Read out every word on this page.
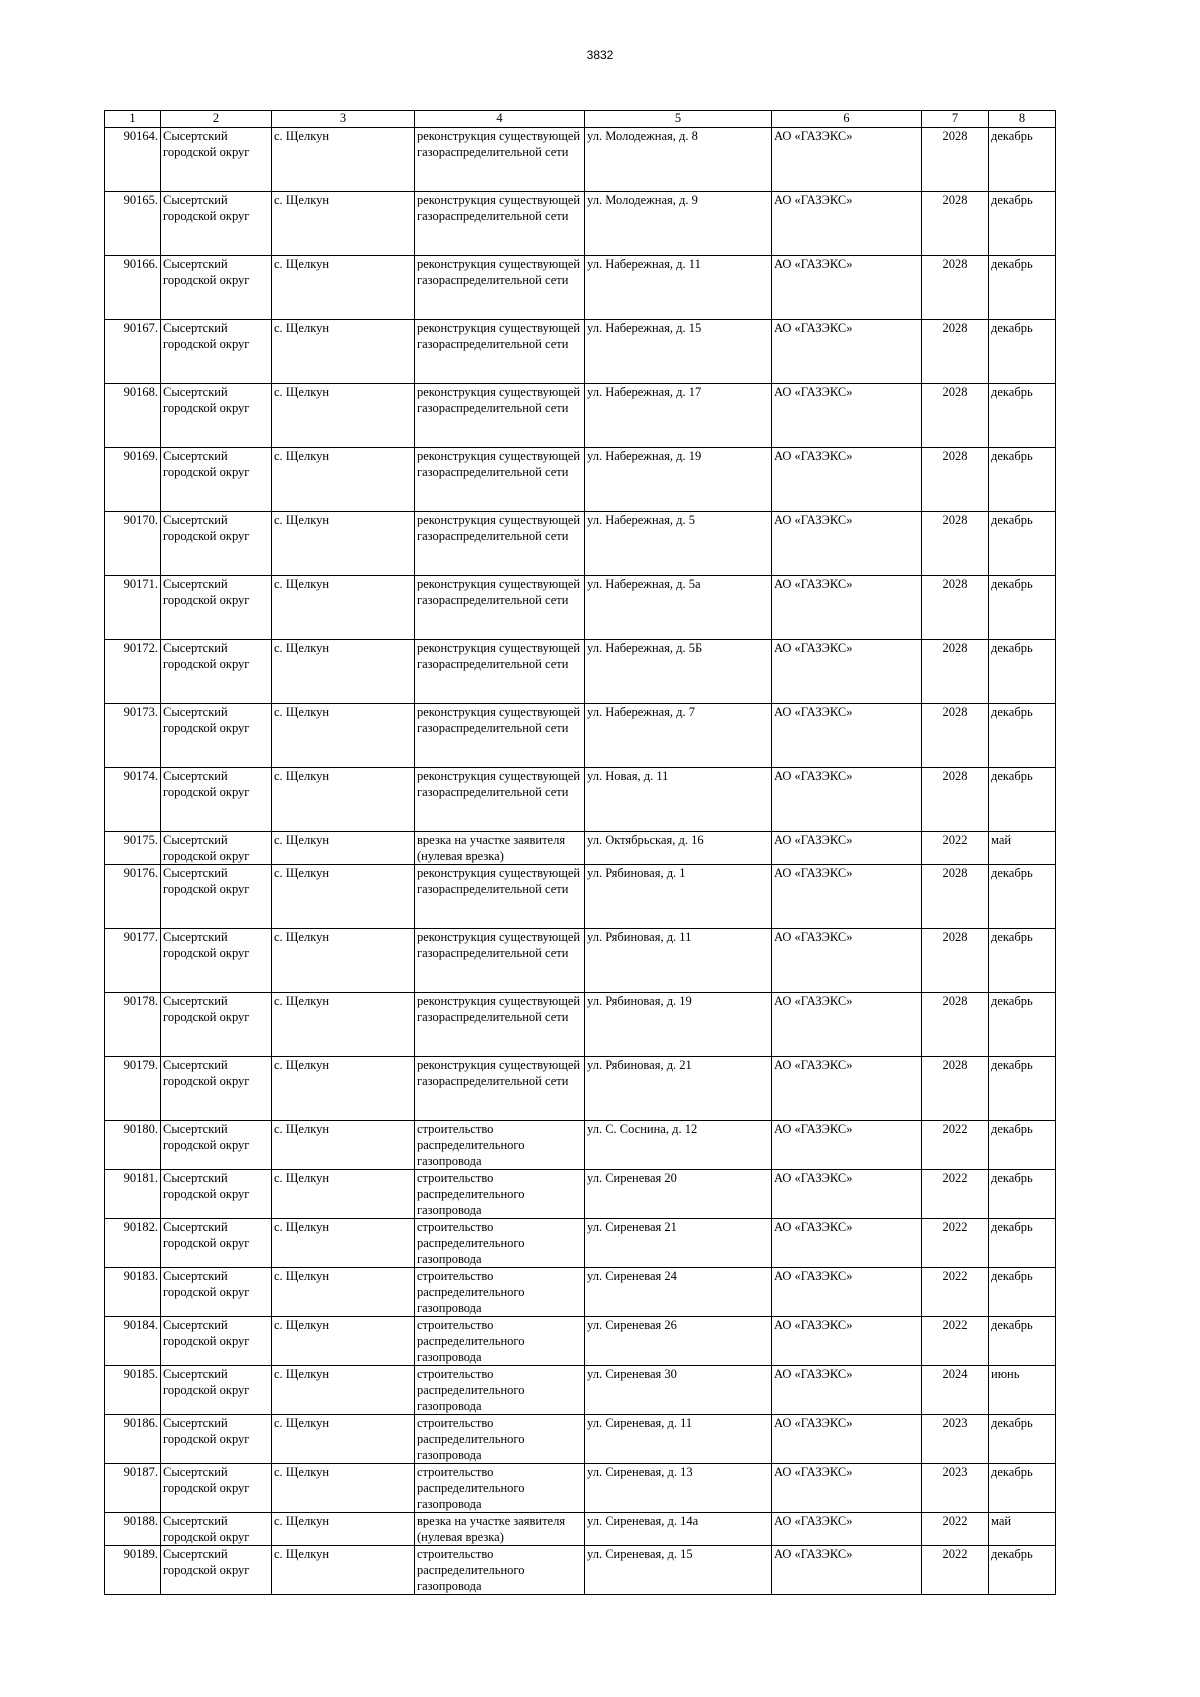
3832
1	2	3	4	5	6	7	8
90164.	Сысертский городской округ	с. Щелкун	реконструкция существующей газораспределительной сети	ул. Молодежная, д. 8	АО «ГАЗЭКС»	2028	декабрь
90165.	Сысертский городской округ	с. Щелкун	реконструкция существующей газораспределительной сети	ул. Молодежная, д. 9	АО «ГАЗЭКС»	2028	декабрь
90166.	Сысертский городской округ	с. Щелкун	реконструкция существующей газораспределительной сети	ул. Набережная, д. 11	АО «ГАЗЭКС»	2028	декабрь
90167.	Сысертский городской округ	с. Щелкун	реконструкция существующей газораспределительной сети	ул. Набережная, д. 15	АО «ГАЗЭКС»	2028	декабрь
90168.	Сысертский городской округ	с. Щелкун	реконструкция существующей газораспределительной сети	ул. Набережная, д. 17	АО «ГАЗЭКС»	2028	декабрь
90169.	Сысертский городской округ	с. Щелкун	реконструкция существующей газораспределительной сети	ул. Набережная, д. 19	АО «ГАЗЭКС»	2028	декабрь
90170.	Сысертский городской округ	с. Щелкун	реконструкция существующей газораспределительной сети	ул. Набережная, д. 5	АО «ГАЗЭКС»	2028	декабрь
90171.	Сысертский городской округ	с. Щелкун	реконструкция существующей газораспределительной сети	ул. Набережная, д. 5а	АО «ГАЗЭКС»	2028	декабрь
90172.	Сысертский городской округ	с. Щелкун	реконструкция существующей газораспределительной сети	ул. Набережная, д. 5Б	АО «ГАЗЭКС»	2028	декабрь
90173.	Сысертский городской округ	с. Щелкун	реконструкция существующей газораспределительной сети	ул. Набережная, д. 7	АО «ГАЗЭКС»	2028	декабрь
90174.	Сысертский городской округ	с. Щелкун	реконструкция существующей газораспределительной сети	ул. Новая, д. 11	АО «ГАЗЭКС»	2028	декабрь
90175.	Сысертский городской округ	с. Щелкун	врезка на участке заявителя (нулевая врезка)	ул. Октябрьская, д. 16	АО «ГАЗЭКС»	2022	май
90176.	Сысертский городской округ	с. Щелкун	реконструкция существующей газораспределительной сети	ул. Рябиновая, д. 1	АО «ГАЗЭКС»	2028	декабрь
90177.	Сысертский городской округ	с. Щелкун	реконструкция существующей газораспределительной сети	ул. Рябиновая, д. 11	АО «ГАЗЭКС»	2028	декабрь
90178.	Сысертский городской округ	с. Щелкун	реконструкция существующей газораспределительной сети	ул. Рябиновая, д. 19	АО «ГАЗЭКС»	2028	декабрь
90179.	Сысертский городской округ	с. Щелкун	реконструкция существующей газораспределительной сети	ул. Рябиновая, д. 21	АО «ГАЗЭКС»	2028	декабрь
90180.	Сысертский городской округ	с. Щелкун	строительство распределительного газопровода	ул. С. Соснина, д. 12	АО «ГАЗЭКС»	2022	декабрь
90181.	Сысертский городской округ	с. Щелкун	строительство распределительного газопровода	ул. Сиреневая 20	АО «ГАЗЭКС»	2022	декабрь
90182.	Сысертский городской округ	с. Щелкун	строительство распределительного газопровода	ул. Сиреневая 21	АО «ГАЗЭКС»	2022	декабрь
90183.	Сысертский городской округ	с. Щелкун	строительство распределительного газопровода	ул. Сиреневая 24	АО «ГАЗЭКС»	2022	декабрь
90184.	Сысертский городской округ	с. Щелкун	строительство распределительного газопровода	ул. Сиреневая 26	АО «ГАЗЭКС»	2022	декабрь
90185.	Сысертский городской округ	с. Щелкун	строительство распределительного газопровода	ул. Сиреневая 30	АО «ГАЗЭКС»	2024	июнь
90186.	Сысертский городской округ	с. Щелкун	строительство распределительного газопровода	ул. Сиреневая, д. 11	АО «ГАЗЭКС»	2023	декабрь
90187.	Сысертский городской округ	с. Щелкун	строительство распределительного газопровода	ул. Сиреневая, д. 13	АО «ГАЗЭКС»	2023	декабрь
90188.	Сысертский городской округ	с. Щелкун	врезка на участке заявителя (нулевая врезка)	ул. Сиреневая, д. 14а	АО «ГАЗЭКС»	2022	май
90189.	Сысертский городской округ	с. Щелкун	строительство распределительного газопровода	ул. Сиреневая, д. 15	АО «ГАЗЭКС»	2022	декабрь
